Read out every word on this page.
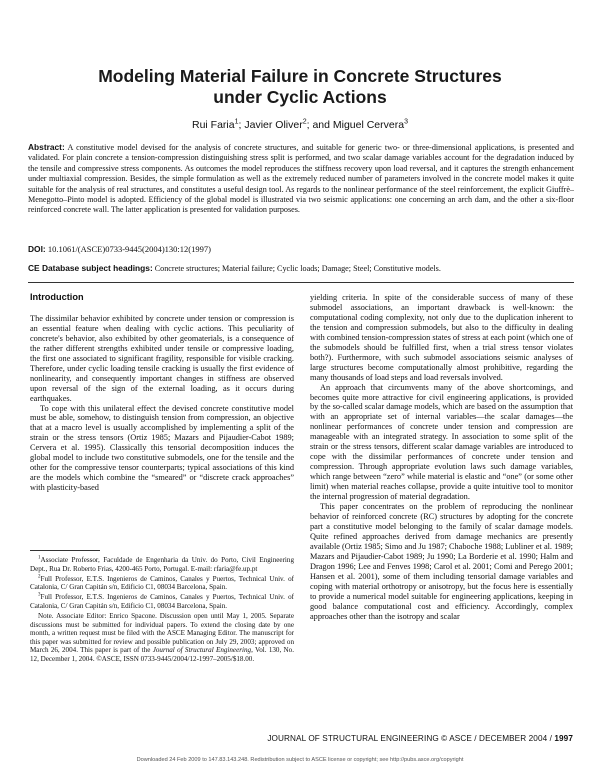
Modeling Material Failure in Concrete Structures
under Cyclic Actions
Rui Faria$^1$; Javier Oliver$^2$; and Miguel Cervera$^3$
Abstract: A constitutive model devised for the analysis of concrete structures, and suitable for generic two- or three-dimensional applications, is presented and validated. For plain concrete a tension-compression distinguishing stress split is performed, and two scalar damage variables account for the degradation induced by the tensile and compressive stress components. As outcomes the model reproduces the stiffness recovery upon load reversal, and it captures the strength enhancement under multiaxial compression. Besides, the simple formulation as well as the extremely reduced number of parameters involved in the concrete model makes it quite suitable for the analysis of real structures, and constitutes a useful design tool. As regards to the nonlinear performance of the steel reinforcement, the explicit Giuffrè–Menegotto–Pinto model is adopted. Efficiency of the global model is illustrated via two seismic applications: one concerning an arch dam, and the other a six-floor reinforced concrete wall. The latter application is presented for validation purposes.
DOI: 10.1061/(ASCE)0733-9445(2004)130:12(1997)
CE Database subject headings: Concrete structures; Material failure; Cyclic loads; Damage; Steel; Constitutive models.
Introduction

The dissimilar behavior exhibited by concrete under tension or compression is an essential feature when dealing with cyclic actions. This peculiarity of concrete's behavior, also exhibited by other geomaterials, is a consequence of the rather different strengths exhibited under tensile or compressive loading, the first one associated to significant fragility, responsible for visible cracking. Therefore, under cyclic loading tensile cracking is usually the first evidence of nonlinearity, and consequently important changes in stiffness are observed upon reversal of the sign of the external loading, as it occurs during earthquakes.

To cope with this unilateral effect the devised concrete constitutive model must be able, somehow, to distinguish tension from compression, an objective that at a macro level is usually accomplished by implementing a split of the strain or the stress tensors (Ortiz 1985; Mazars and Pijaudier-Cabot 1989; Cervera et al. 1995). Classically this tensorial decomposition induces the global model to include two constitutive submodels, one for the tensile and the other for the compressive tensor counterparts; typical associations of this kind are the models which combine the “smeared” or “discrete crack approaches” with plasticity-based

$^1$Associate Professor, Faculdade de Engenharia da Univ. do Porto, Civil Engineering Dept., Rua Dr. Roberto Frias, 4200-465 Porto, Portugal. E-mail: rfaria@fe.up.pt

$^2$Full Professor, E.T.S. Ingenieros de Caminos, Canales y Puertos, Technical Univ. of Catalonia, C/ Gran Capitán s/n, Edificio C1, 08034 Barcelona, Spain.

$^3$Full Professor, E.T.S. Ingenieros de Caminos, Canales y Puertos, Technical Univ. of Catalonia, C/ Gran Capitán s/n, Edificio C1, 08034 Barcelona, Spain.

Note. Associate Editor: Enrico Spacone. Discussion open until May 1, 2005. Separate discussions must be submitted for individual papers. To extend the closing date by one month, a written request must be filed with the ASCE Managing Editor. The manuscript for this paper was submitted for review and possible publication on July 29, 2003; approved on March 26, 2004. This paper is part of the Journal of Structural Engineering, Vol. 130, No. 12, December 1, 2004. ©ASCE, ISSN 0733-9445/2004/12-1997–2005/$18.00.

yielding criteria. In spite of the considerable success of many of these submodel associations, an important drawback is well-known: the computational coding complexity, not only due to the duplication inherent to the tension and compression submodels, but also to the difficulty in dealing with combined tension-compression states of stress at each point (which one of the submodels should be fulfilled first, when a trial stress tensor violates both?). Furthermore, with such submodel associations seismic analyses of large structures become computationally almost prohibitive, regarding the many thousands of load steps and load reversals involved.

An approach that circumvents many of the above shortcomings, and becomes quite more attractive for civil engineering applications, is provided by the so-called scalar damage models, which are based on the assumption that with an appropriate set of internal variables—the scalar damages—the nonlinear performances of concrete under tension and compression are manageable with an integrated strategy. In association to some split of the strain or the stress tensors, different scalar damage variables are introduced to cope with the dissimilar performances of concrete under tension and compression. Through appropriate evolution laws such damage variables, which range between “zero” while material is elastic and “one” (or some other limit) when material reaches collapse, provide a quite intuitive tool to monitor the internal progression of material degradation.

This paper concentrates on the problem of reproducing the nonlinear behavior of reinforced concrete (RC) structures by adopting for the concrete part a constitutive model belonging to the family of scalar damage models. Quite refined approaches derived from damage mechanics are presently available (Ortiz 1985; Simo and Ju 1987; Chaboche 1988; Lubliner et al. 1989; Mazars and Pijaudier-Cabot 1989; Ju 1990; La Borderie et al. 1990; Halm and Dragon 1996; Lee and Fenves 1998; Carol et al. 2001; Comi and Perego 2001; Hansen et al. 2001), some of them including tensorial damage variables and coping with material orthotropy or anisotropy, but the focus here is essentially to provide a numerical model suitable for engineering applications, keeping in good balance computational cost and efficiency. Accordingly, complex approaches other than the isotropy and scalar

JOURNAL OF STRUCTURAL ENGINEERING © ASCE / DECEMBER 2004 / 1997
Downloaded 24 Feb 2009 to 147.83.143.248. Redistribution subject to ASCE license or copyright; see http://pubs.asce.org/copyright
